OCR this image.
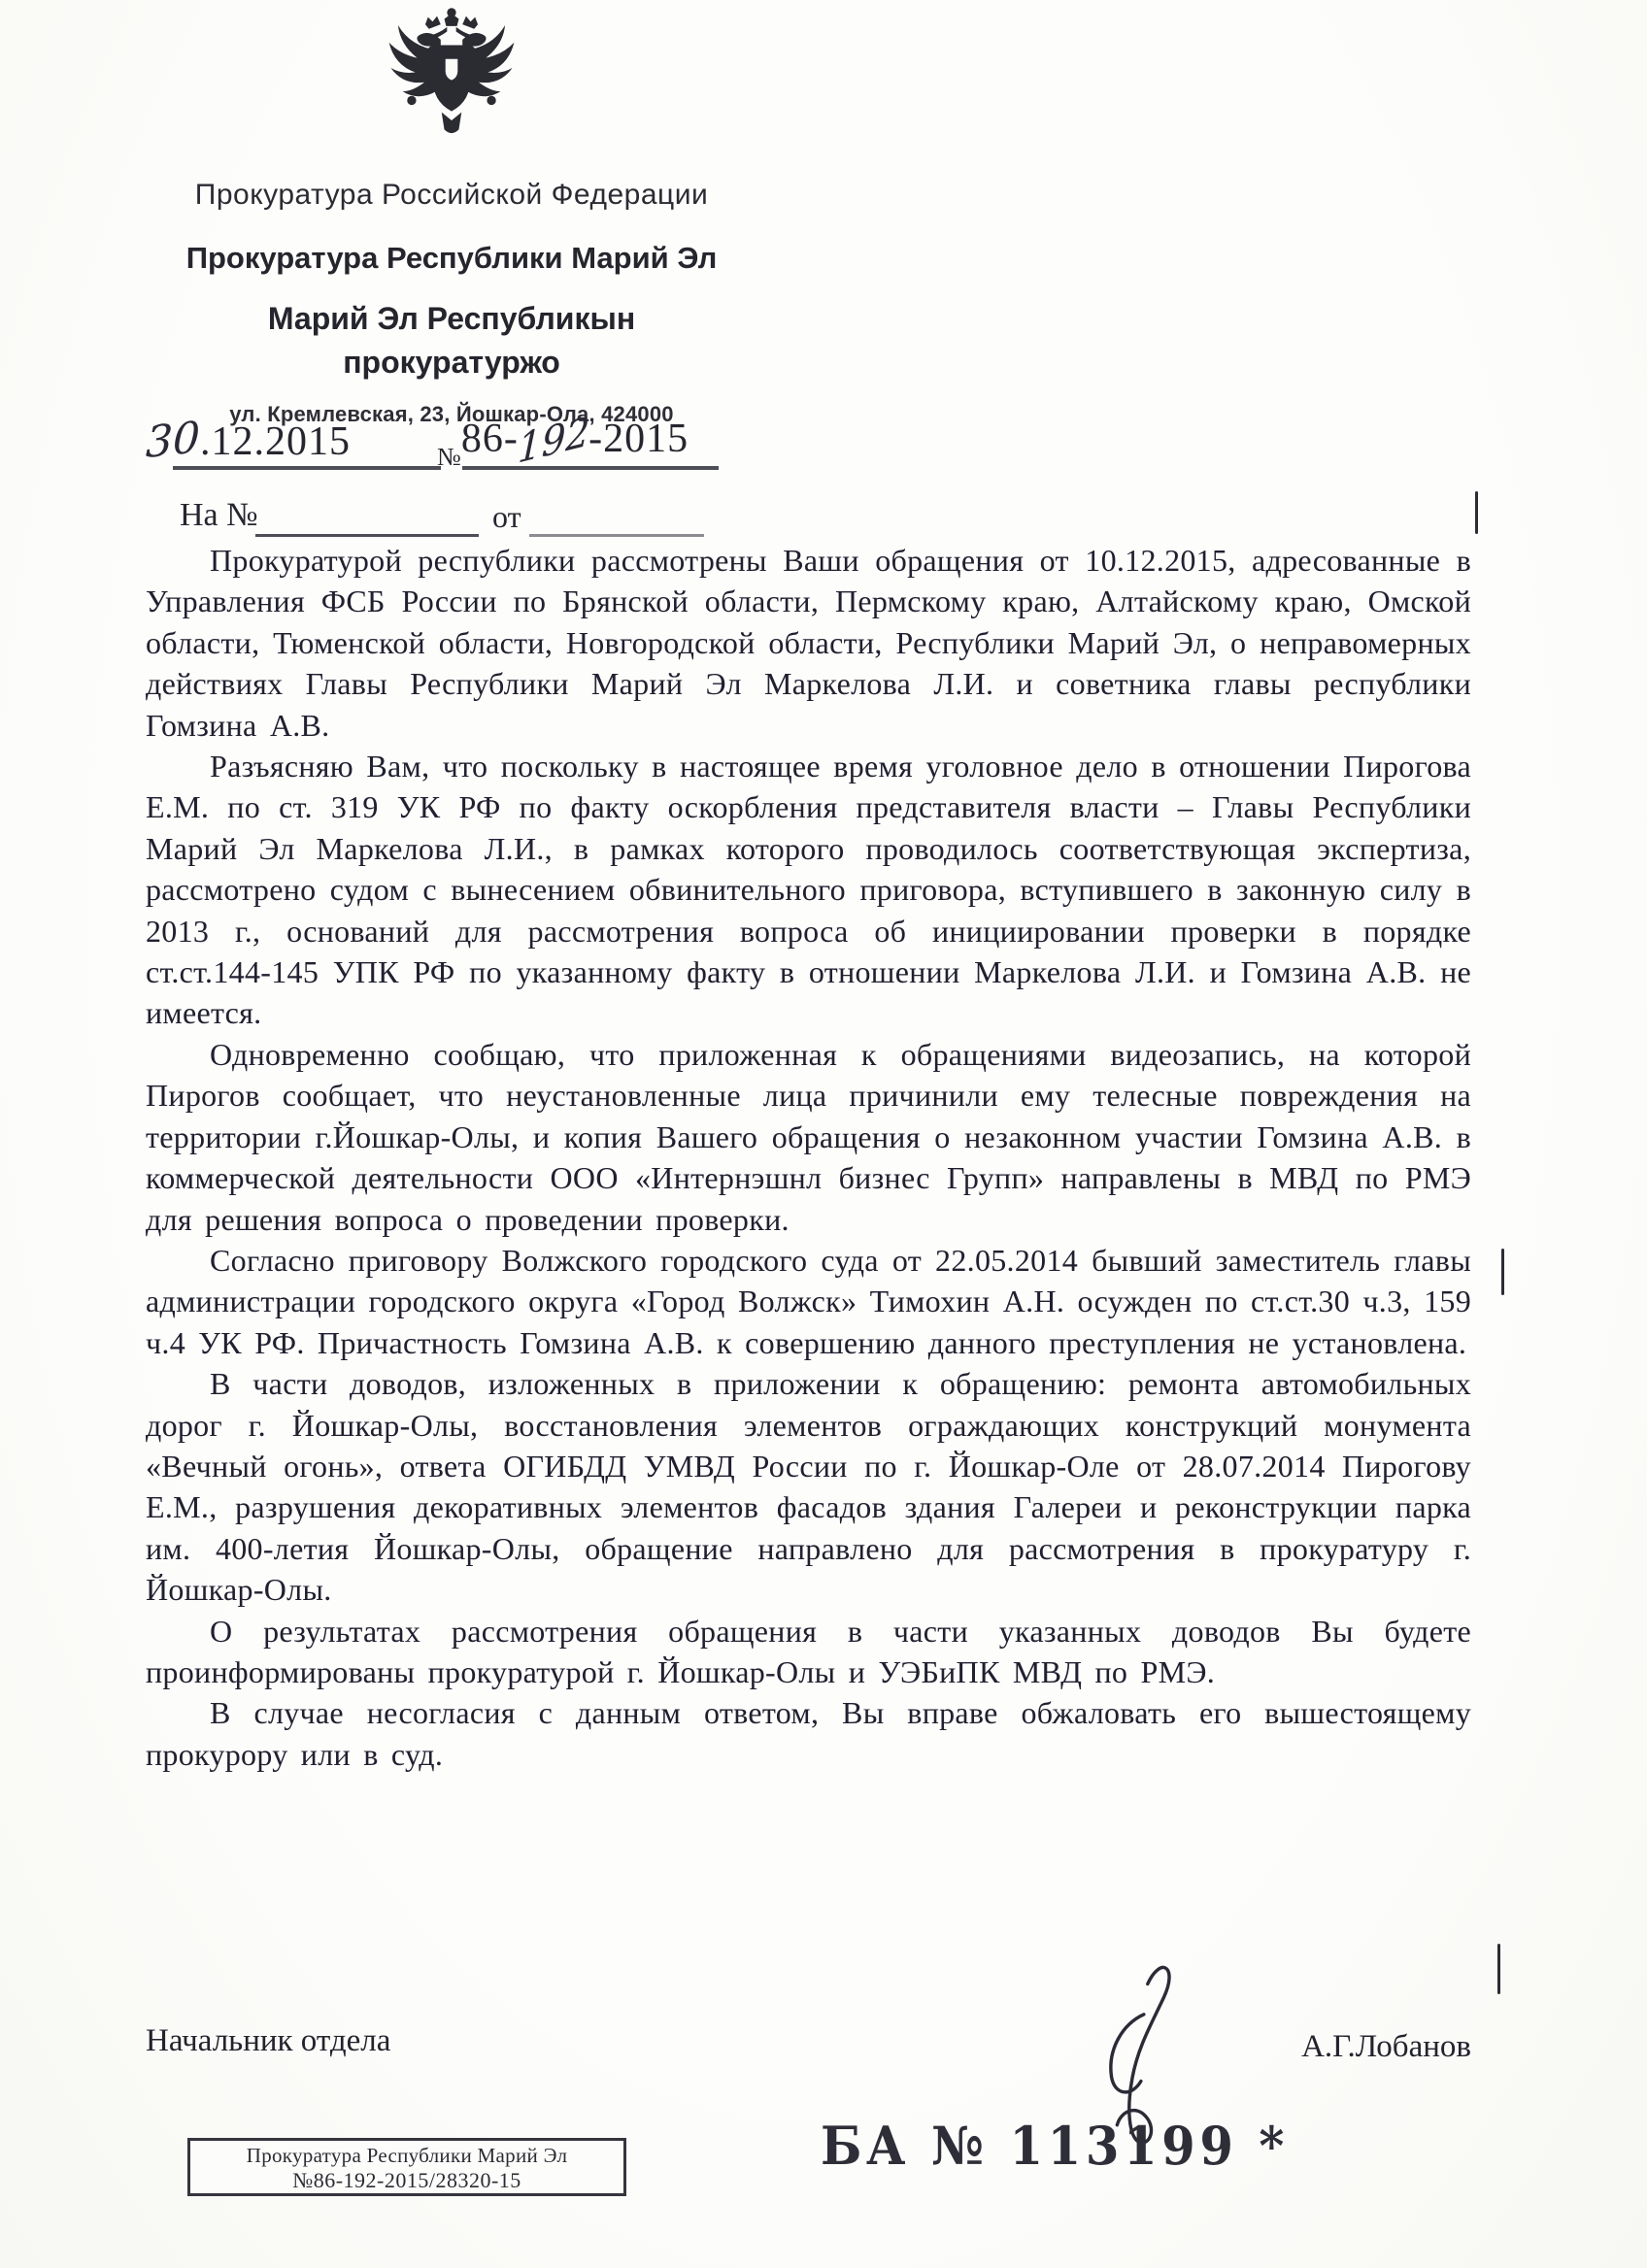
Прокуратура Российской Федерации
Прокуратура Республики Марий Эл
Марий Эл Республикын
прокуратуржо
ул. Кремлевская, 23, Йошкар-Ола, 424000
30.12.2015	№86-192-2015
На №	от

Прокуратурой республики рассмотрены Ваши обращения от 10.12.2015, адресованные в Управления ФСБ России по Брянской области, Пермскому краю, Алтайскому краю, Омской области, Тюменской области, Новгородской области, Республики Марий Эл, о неправомерных действиях Главы Республики Марий Эл Маркелова Л.И. и советника главы республики Гомзина А.В.

Разъясняю Вам, что поскольку в настоящее время уголовное дело в отношении Пирогова Е.М. по ст. 319 УК РФ по факту оскорбления представителя власти – Главы Республики Марий Эл Маркелова Л.И., в рамках которого проводилось соответствующая экспертиза, рассмотрено судом с вынесением обвинительного приговора, вступившего в законную силу в 2013 г., оснований для рассмотрения вопроса об инициировании проверки в порядке ст.ст.144-145 УПК РФ по указанному факту в отношении Маркелова Л.И. и Гомзина А.В. не имеется.

Одновременно сообщаю, что приложенная к обращениями видеозапись, на которой Пирогов сообщает, что неустановленные лица причинили ему телесные повреждения на территории г.Йошкар-Олы, и копия Вашего обращения о незаконном участии Гомзина А.В. в коммерческой деятельности ООО «Интернэшнл бизнес Групп» направлены в МВД по РМЭ для решения вопроса о проведении проверки.

Согласно приговору Волжского городского суда от 22.05.2014 бывший заместитель главы администрации городского округа «Город Волжск» Тимохин А.Н. осужден по ст.ст.30 ч.3, 159 ч.4 УК РФ. Причастность Гомзина А.В. к совершению данного преступления не установлена.

В части доводов, изложенных в приложении к обращению: ремонта автомобильных дорог г. Йошкар-Олы, восстановления элементов ограждающих конструкций монумента «Вечный огонь», ответа ОГИБДД УМВД России по г. Йошкар-Оле от 28.07.2014 Пирогову Е.М., разрушения декоративных элементов фасадов здания Галереи и реконструкции парка им. 400-летия Йошкар-Олы, обращение направлено для рассмотрения в прокуратуру г. Йошкар-Олы.

О результатах рассмотрения обращения в части указанных доводов Вы будете проинформированы прокуратурой г. Йошкар-Олы и УЭБиПК МВД по РМЭ.

В случае несогласия с данным ответом, Вы вправе обжаловать его вышестоящему прокурору или в суд.

Начальник отдела	А.Г.Лобанов
БА № 113199 *
Прокуратура Республики Марий Эл
№86-192-2015/28320-15
